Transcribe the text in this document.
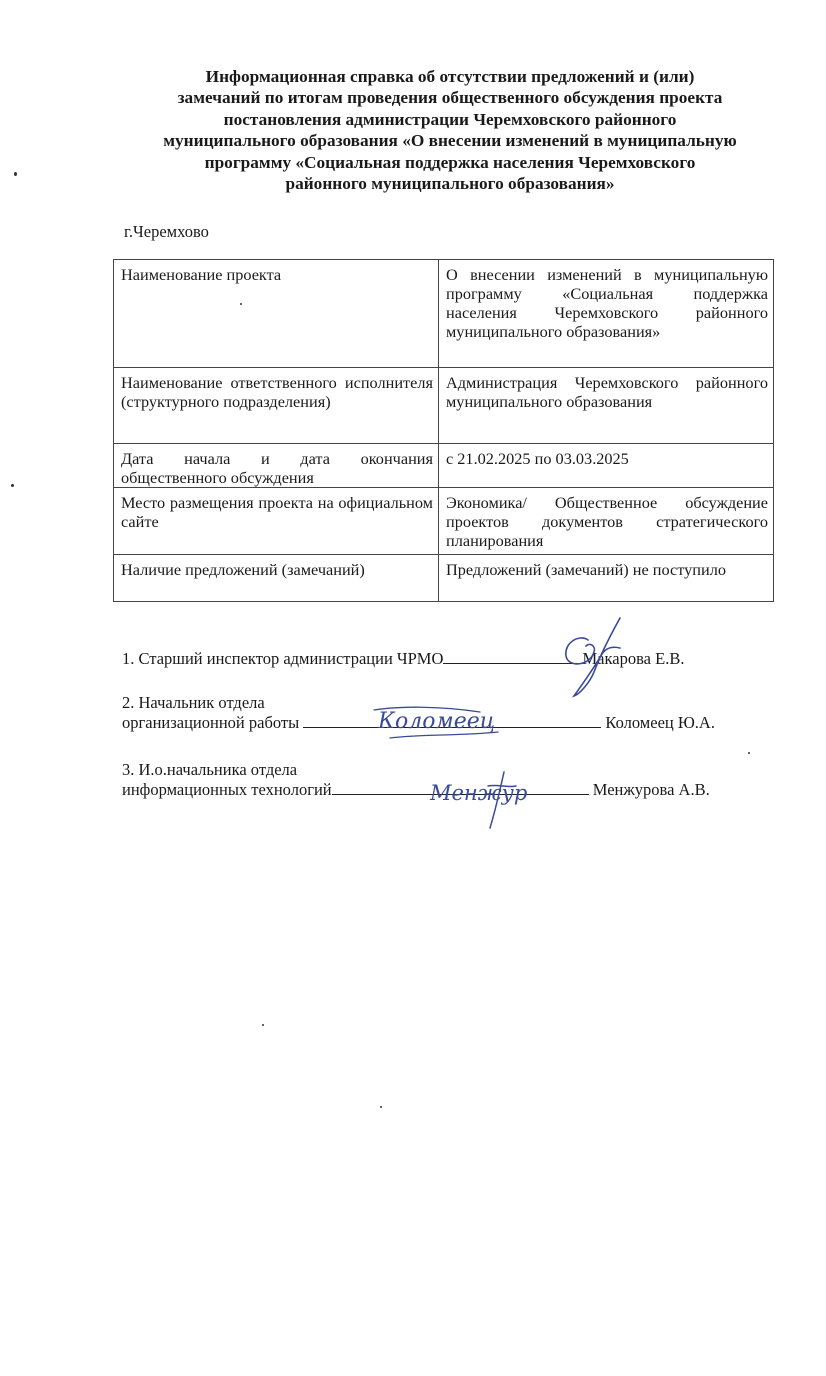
Информационная справка об отсутствии предложений и (или)
замечаний по итогам проведения общественного обсуждения проекта
постановления администрации Черемховского районного
муниципального образования «О внесении изменений в муниципальную
программу «Социальная поддержка населения Черемховского
районного муниципального образования»
г.Черемхово
Наименование проекта	О внесении изменений в муниципальную программу «Социальная поддержка населения Черемховского районного муниципального образования»
Наименование ответственного исполнителя (структурного подразделения)	Администрация Черемховского районного муниципального образования
Дата начала и дата окончания общественного обсуждения	с 21.02.2025 по 03.03.2025
Место размещения проекта на официальном сайте	Экономика/ Общественное обсуждение проектов документов стратегического планирования
Наличие предложений (замечаний)	Предложений (замечаний) не поступило
1. Старший инспектор администрации ЧРМО	Макарова Е.В.
2. Начальник отдела
организационной работы	Коломеец Ю.А.
Коломеец
3. И.о.начальника отдела
информационных технологий	Менжурова А.В.
Менжур
